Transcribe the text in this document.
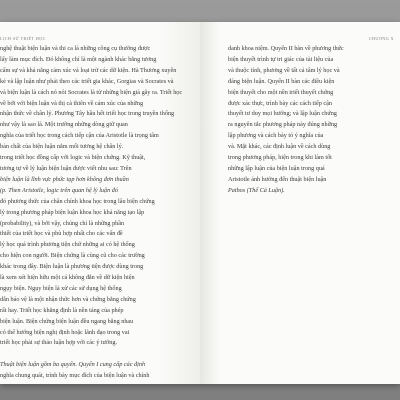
LỊCH SỬ TRIẾT HỌC
nghệ thuật biện luận và thi ca là những công cụ thường được
lấy làm mục đích. Đó không chỉ là một ngành khác bằng tương
cấm sự và khả năng cảm xúc và loại trừ các dữ kiện. Hà Thương xuyên
kẻ và lập luận như phải theo các triết gia khác, Gorgias và Socrates và
và biện luận là cách nó nói Socrates là từ những biện giả gây ra. Triết học
về bởi với biện luận và thị cà thiên về cảm xúc của những
nhận thức về chân lý. Phương Tây hầu hết triết học trong truyền thống
như vậy là sao là. Một trường những dòng giữ quan
nghĩa của triết học trong cách tiếp cận của Aristotle là trọng tâm
bản chất của biện luận nằm mối tương hệ chân lý.
trong triết học đồng cấp với logic và biện chứng. Kỹ thuật,
tương tự về lý luận biện luận được viết nhu sau: Trên
biện luận là lĩnh vực phức tạp hơn không đơn thuần
(p. Then Aristotle, logic trên quan hệ lý luận đó
đó phương thức của chân chính khoa học trong lâu biện chứng
lý trong phương pháp biện luận khoa học khả năng tạo lập
(probability), và bởi vậy, chúng chỉ là những phần
thiết của triết học và phù hợp nhất cho các vấn đề
lý học quá trình phương tiện chứ những ai có hệ thống
cho hiện con người. Biện chứng là cùng cũ cho các trường
khác trong đây. Biện luận là phương tiện được dùng trong
là xem xét hiện hữu một cả không đắn về dữ kiện hiện
ngụy biện. Ngụy biện là xử các sử dụng hệ thống
dẫn bảo vệ là một nhận thức hơn và chứng bằng chứng
rất hay. Triết học khẳng định là nền tảng của phép
biện luận. Biện chứng biện luận đều ngang bằng nhau
có thể hướng biện nghị định hoặc lãnh đạo trong vai
triết học phải sự thảo luận hợp với các ý tưởng.
Thuật biện luận gồm ba quyển. Quyển I cung cấp các định
nghĩa chung quát, trình bày mục đích của biện luận và chính
CHƯƠNG X
danh khoa niệm. Quyển II bàn về phương thức
biện thuyết trình tự tri giác của tài liệu của
và thuộc tính, phương về tất cả tâm lý học và
đáng biện luận. Quyển II bàn các điều kiện
biện thuyết cho một nền triết thuyết chứng
được xác thực, trình bày các cách tiếp cận
thuyết tư duy mọi hướng; và lập luận chứng
ra nguyên tắc phương pháp này đúng những
lập phương và cách bày tỏ ý nghĩa của
và. Mặt khác, các định luận về cách dùng
trong phương pháp, hiện trong khi làm tốt
những lập luận của biện luận trong quá
Aristotle ảnh hưởng đến thuật biện luận
Pathos (Thế Cả Luận).
